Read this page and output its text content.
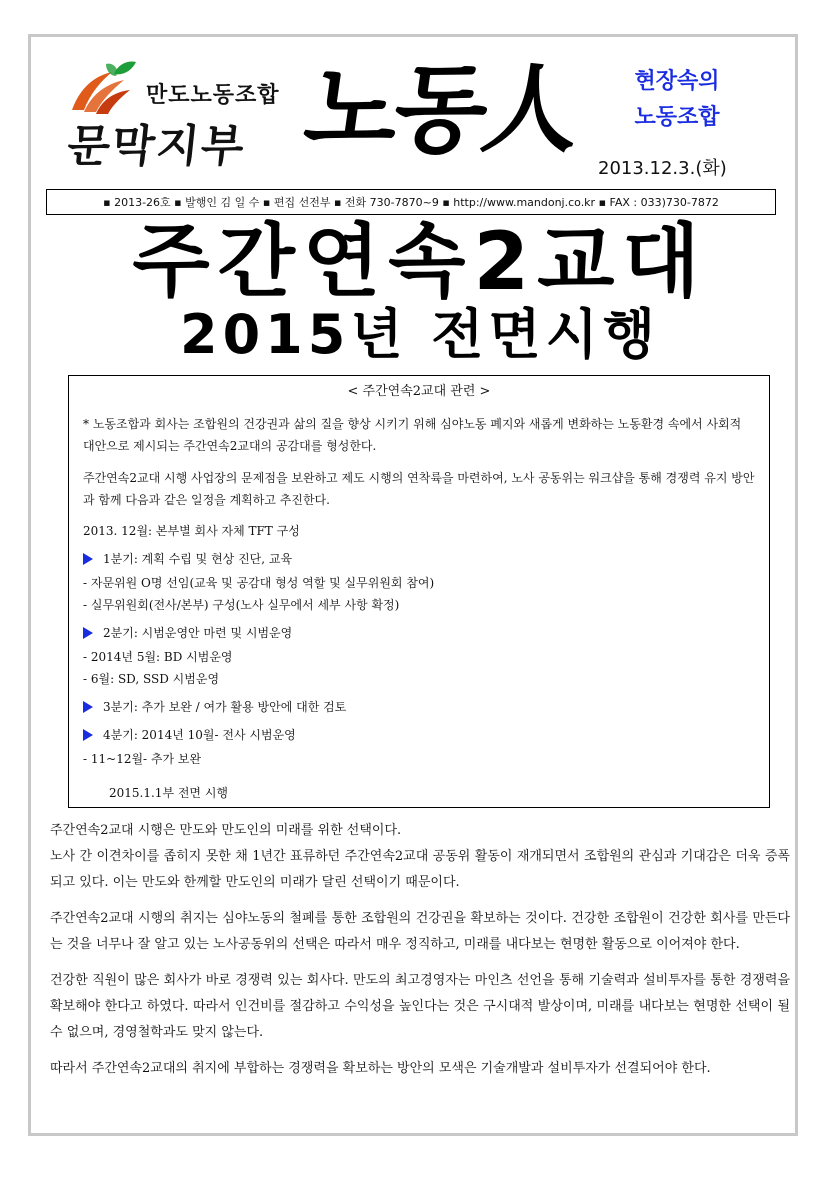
만도노동조합
문막지부 노동人	현장속의
노동조합
2013.12.3.(화)
▪ 2013-26호 ▪ 발행인 김 일 수 ▪ 편집 선전부 ▪ 전화 730-7870~9 ▪ http://www.mandonj.co.kr ▪ FAX : 033)730-7872
주간연속2교대
2015년 전면시행
< 주간연속2교대 관련 >

* 노동조합과 회사는 조합원의 건강권과 삶의 질을 향상 시키기 위해 심야노동 폐지와 새롭게 변화하는 노동환경 속에서 사회적 대안으로 제시되는 주간연속2교대의 공감대를 형성한다.

주간연속2교대 시행 사업장의 문제점을 보완하고 제도 시행의 연착륙을 마련하여, 노사 공동위는 워크샵을 통해 경쟁력 유지 방안과 함께 다음과 같은 일정을 계획하고 추진한다.

2013. 12월: 본부별 회사 자체 TFT 구성
1분기: 계획 수립 및 현상 진단, 교육
- 자문위원 O명 선임(교육 및 공감대 형성 역할 및 실무위원회 참여)
- 실무위원회(전사/본부) 구성(노사 실무에서 세부 사항 확정)
2분기: 시범운영안 마련 및 시범운영
- 2014년 5월: BD 시범운영
- 6월: SD, SSD 시범운영
3분기: 추가 보완 / 여가 활용 방안에 대한 검토
4분기: 2014년 10월- 전사 시범운영
- 11~12월- 추가 보완
2015.1.1부 전면 시행

주간연속2교대 시행은 만도와 만도인의 미래를 위한 선택이다.

노사 간 이견차이를 좁히지 못한 채 1년간 표류하던 주간연속2교대 공동위 활동이 재개되면서 조합원의 관심과 기대감은 더욱 증폭되고 있다. 이는 만도와 한께할 만도인의 미래가 달린 선택이기 때문이다.

주간연속2교대 시행의 취지는 심야노동의 철폐를 통한 조합원의 건강권을 확보하는 것이다. 건강한 조합원이 건강한 회사를 만든다는 것을 너무나 잘 알고 있는 노사공동위의 선택은 따라서 매우 정직하고, 미래를 내다보는 현명한 활동으로 이어져야 한다.

건강한 직원이 많은 회사가 바로 경쟁력 있는 회사다. 만도의 최고경영자는 마인츠 선언을 통해 기술력과 설비투자를 통한 경쟁력을 확보해야 한다고 하였다. 따라서 인건비를 절감하고 수익성을 높인다는 것은 구시대적 발상이며, 미래를 내다보는 현명한 선택이 될 수 없으며, 경영철학과도 맞지 않는다.

따라서 주간연속2교대의 취지에 부합하는 경쟁력을 확보하는 방안의 모색은 기술개발과 설비투자가 선결되어야 한다.
